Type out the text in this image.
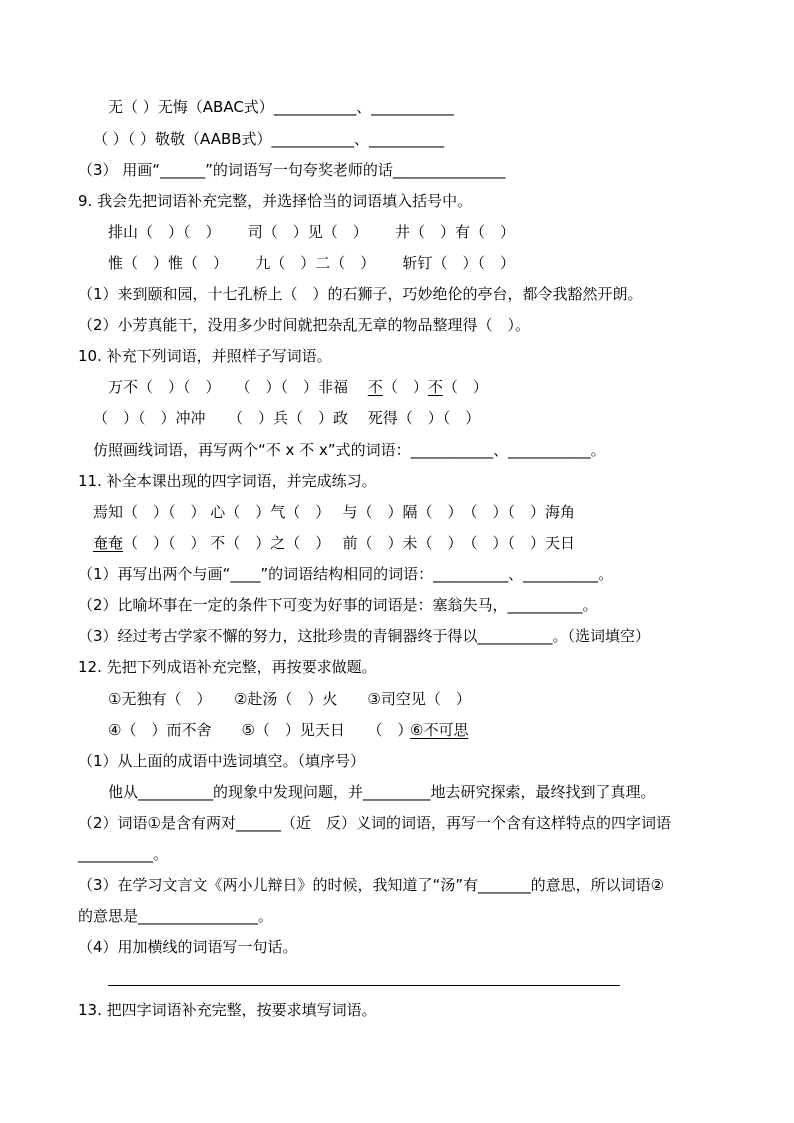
无（ ）无悔（ABAC式）___________、___________
（ ）（ ）敬敬（AABB式）___________、__________
（3） 用画“______”的词语写一句夸奖老师的话_______________
9. 我会先把词语补充完整，并选择恰当的词语填入括号中。
排山（　）（　）　　 司（　）见（　）　　 井（　）有（　）
惟（　）惟（　）　　 九（　）二（　）　　 斩钉（　）（　）
（1）来到颐和园，十七孔桥上（　）的石狮子，巧妙绝伦的亭台，都令我豁然开朗。
（2）小芳真能干，没用多少时间就把杂乱无章的物品整理得（　）。
10. 补充下列词语，并照样子写词语。
万不（　）（　）　　（　）（　）非福　 不（　）不（　）
（　）（　）冲冲　　（　）兵（　）政　 死得（　）（　）
仿照画线词语，再写两个“不 x 不 x”式的词语：___________、___________。
11. 补全本课出现的四字词语，并完成练习。
焉知（　）（　） 心（　）气（　）　 与（　）隔（　）　（　）（　）海角
奄奄（　）（　） 不（　）之（　）　 前（　）未（　）　（　）（　）天日
（1）再写出两个与画“____”的词语结构相同的词语：__________、__________。
（2）比喻坏事在一定的条件下可变为好事的词语是：塞翁失马，__________。
（3）经过考古学家不懈的努力，这批珍贵的青铜器终于得以__________。（选词填空）
12. 先把下列成语补充完整，再按要求做题。
①无独有（　）　　②赴汤（　）火　　③司空见（　）
④（　）而不舍　　⑤（　）见天日　　（　）
⑥不可思
（1）从上面的成语中选词填空。（填序号）
他从__________的现象中发现问题，并_________地去研究探索，最终找到了真理。
（2）词语①是含有两对______（近　反）义词的词语，再写一个含有这样特点的四字词语
__________。
（3）在学习文言文《两小儿辩日》的时候，我知道了“汤”有_______的意思，所以词语②
的意思是________________。
（4）用加横线的词语写一句话。
13. 把四字词语补充完整，按要求填写词语。
